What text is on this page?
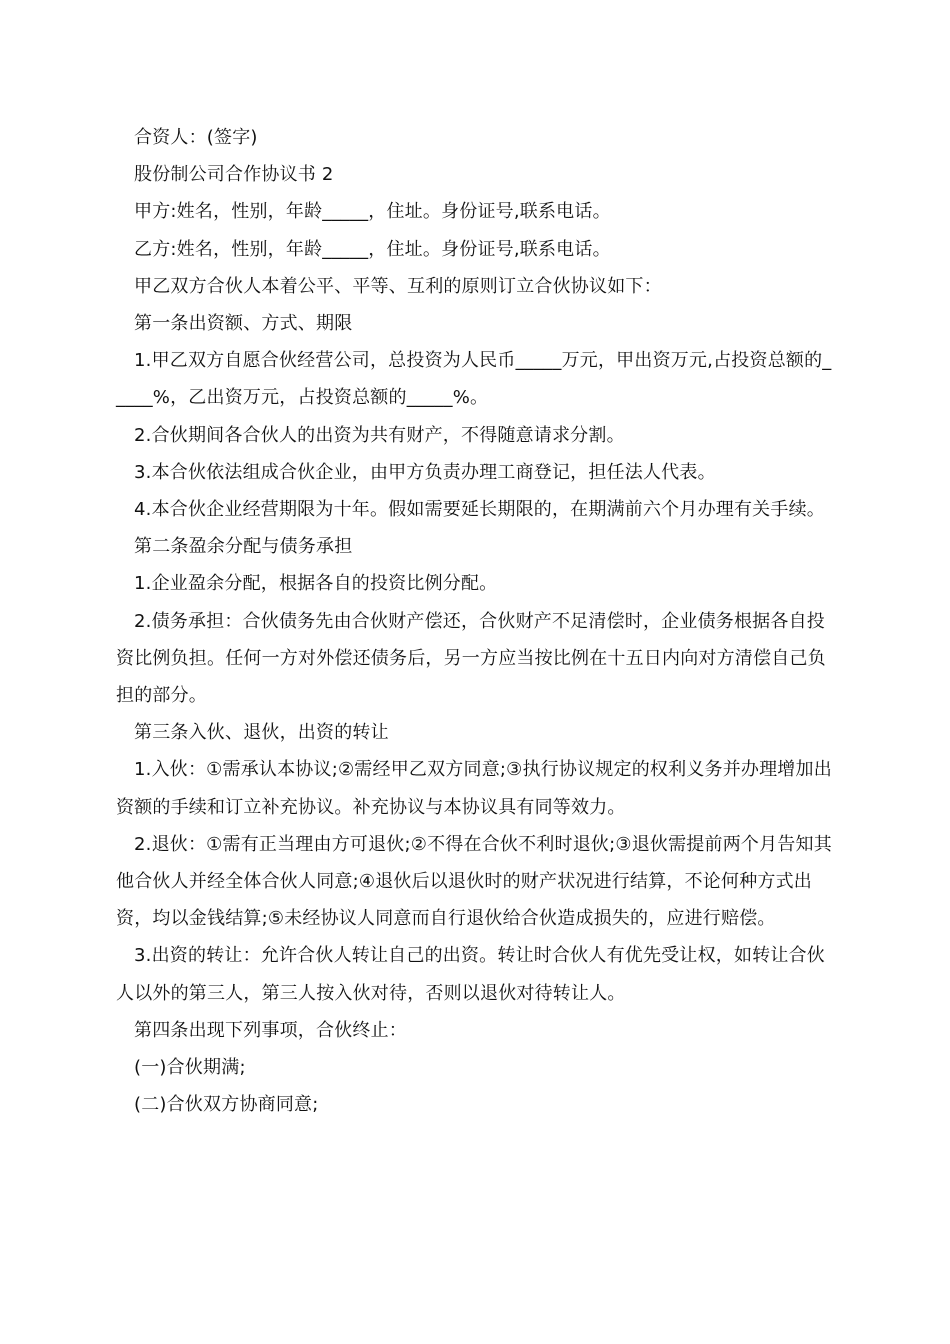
合资人：(签字)

股份制公司合作协议书 2

甲方:姓名，性别，年龄_____，住址。身份证号,联系电话。

乙方:姓名，性别，年龄_____，住址。身份证号,联系电话。

甲乙双方合伙人本着公平、平等、互利的原则订立合伙协议如下：

第一条出资额、方式、期限

1.甲乙双方自愿合伙经营公司，总投资为人民币_____万元，甲出资万元,占投资总额的_____%，乙出资万元，占投资总额的_____%。

2.合伙期间各合伙人的出资为共有财产，不得随意请求分割。

3.本合伙依法组成合伙企业，由甲方负责办理工商登记，担任法人代表。

4.本合伙企业经营期限为十年。假如需要延长期限的，在期满前六个月办理有关手续。

第二条盈余分配与债务承担

1.企业盈余分配，根据各自的投资比例分配。

2.债务承担：合伙债务先由合伙财产偿还，合伙财产不足清偿时，企业债务根据各自投资比例负担。任何一方对外偿还债务后，另一方应当按比例在十五日内向对方清偿自己负担的部分。

第三条入伙、退伙，出资的转让

1.入伙：①需承认本协议;②需经甲乙双方同意;③执行协议规定的权利义务并办理增加出资额的手续和订立补充协议。补充协议与本协议具有同等效力。

2.退伙：①需有正当理由方可退伙;②不得在合伙不利时退伙;③退伙需提前两个月告知其他合伙人并经全体合伙人同意;④退伙后以退伙时的财产状况进行结算，不论何种方式出资，均以金钱结算;⑤未经协议人同意而自行退伙给合伙造成损失的，应进行赔偿。

3.出资的转让：允许合伙人转让自己的出资。转让时合伙人有优先受让权，如转让合伙人以外的第三人，第三人按入伙对待，否则以退伙对待转让人。

第四条出现下列事项，合伙终止：

(一)合伙期满;

(二)合伙双方协商同意;
